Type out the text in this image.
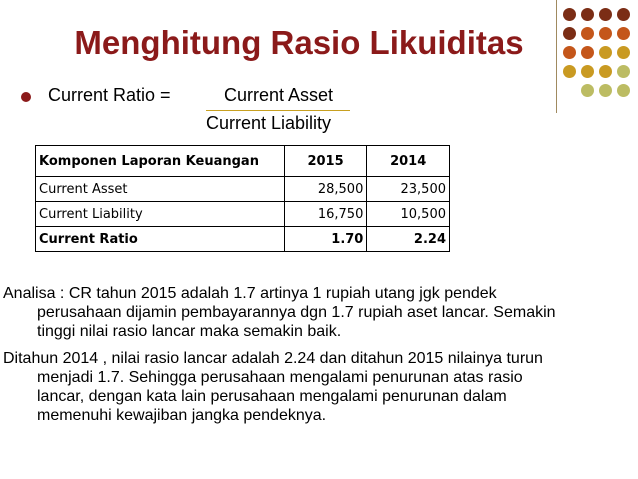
Menghitung Rasio Likuiditas
Current Ratio =	Current Asset
Current Liability
Komponen Laporan Keuangan	2015	2014
Current Asset	28,500	23,500
Current Liability	16,750	10,500
Current Ratio	1.70	2.24
Analisa : CR tahun 2015 adalah 1.7 artinya 1 rupiah utang jgk pendek
perusahaan dijamin pembayarannya dgn 1.7 rupiah aset lancar. Semakin
tinggi nilai rasio lancar maka semakin baik.
Ditahun 2014 , nilai rasio lancar adalah 2.24 dan ditahun 2015 nilainya turun
menjadi 1.7. Sehingga perusahaan mengalami penurunan atas rasio
lancar, dengan kata lain perusahaan mengalami penurunan dalam
memenuhi kewajiban jangka pendeknya.
